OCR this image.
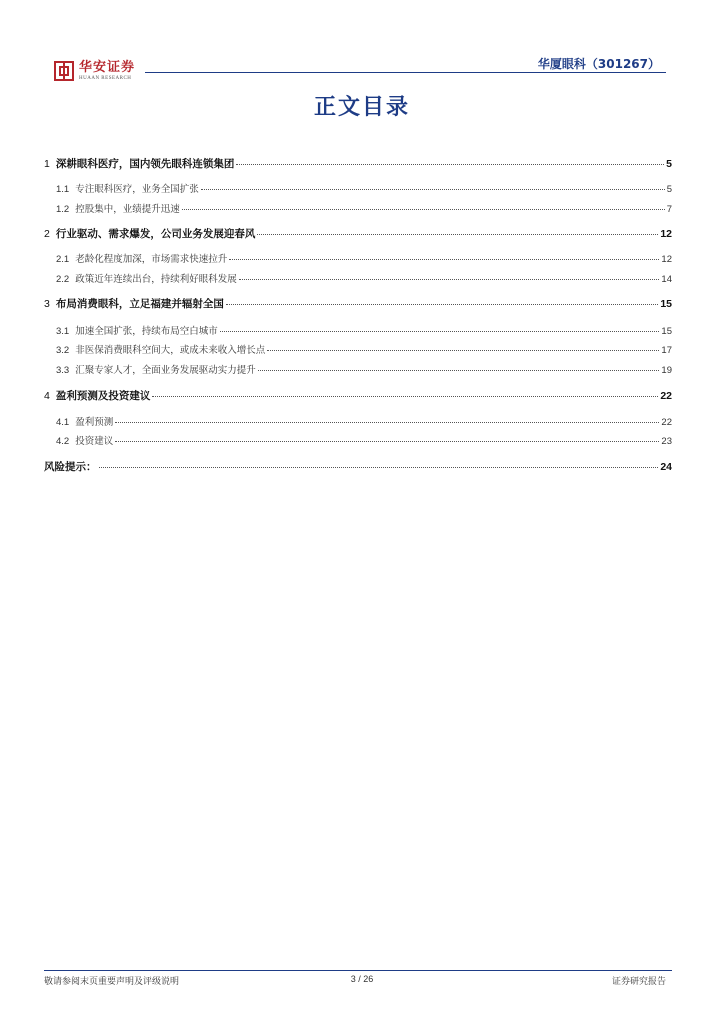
华安证券
HUAAN RESEARCH
华厦眼科（301267）
正文目录
1 深耕眼科医疗，国内领先眼科连锁集团	5
1.1 专注眼科医疗，业务全国扩张	5
1.2 控股集中，业绩提升迅速	7
2 行业驱动、需求爆发，公司业务发展迎春风	12
2.1 老龄化程度加深，市场需求快速拉升	12
2.2 政策近年连续出台，持续利好眼科发展	14
3 布局消费眼科，立足福建并辐射全国	15
3.1 加速全国扩张，持续布局空白城市	15
3.2 非医保消费眼科空间大，或成未来收入增长点	17
3.3 汇聚专家人才，全面业务发展驱动实力提升	19
4 盈利预测及投资建议	22
4.1 盈利预测	22
4.2 投资建议	23
风险提示：	24
敬请参阅末页重要声明及评级说明	3 / 26	证券研究报告
